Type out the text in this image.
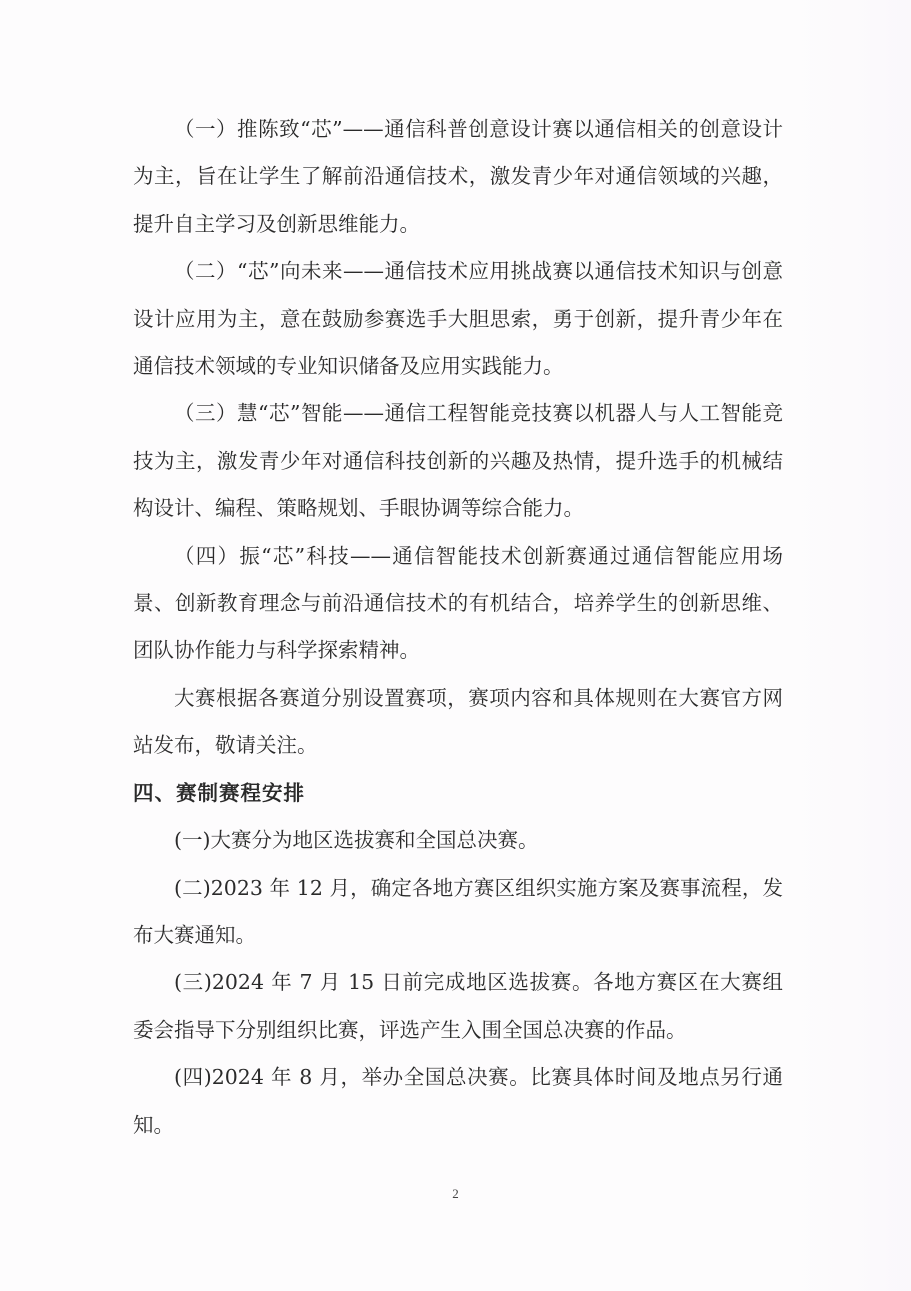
（一）推陈致“芯”——通信科普创意设计赛以通信相关的创意设计为主，旨在让学生了解前沿通信技术，激发青少年对通信领域的兴趣，提升自主学习及创新思维能力。

（二）“芯”向未来——通信技术应用挑战赛以通信技术知识与创意设计应用为主，意在鼓励参赛选手大胆思索，勇于创新，提升青少年在通信技术领域的专业知识储备及应用实践能力。

（三）慧“芯”智能——通信工程智能竞技赛以机器人与人工智能竞技为主，激发青少年对通信科技创新的兴趣及热情，提升选手的机械结构设计、编程、策略规划、手眼协调等综合能力。

（四）振“芯”科技——通信智能技术创新赛通过通信智能应用场景、创新教育理念与前沿通信技术的有机结合，培养学生的创新思维、团队协作能力与科学探索精神。

大赛根据各赛道分别设置赛项，赛项内容和具体规则在大赛官方网站发布，敬请关注。

四、赛制赛程安排

(一)大赛分为地区选拔赛和全国总决赛。

(二)2023 年 12 月，确定各地方赛区组织实施方案及赛事流程，发布大赛通知。

(三)2024 年 7 月 15 日前完成地区选拔赛。各地方赛区在大赛组委会指导下分别组织比赛，评选产生入围全国总决赛的作品。

(四)2024 年 8 月，举办全国总决赛。比赛具体时间及地点另行通知。

2
